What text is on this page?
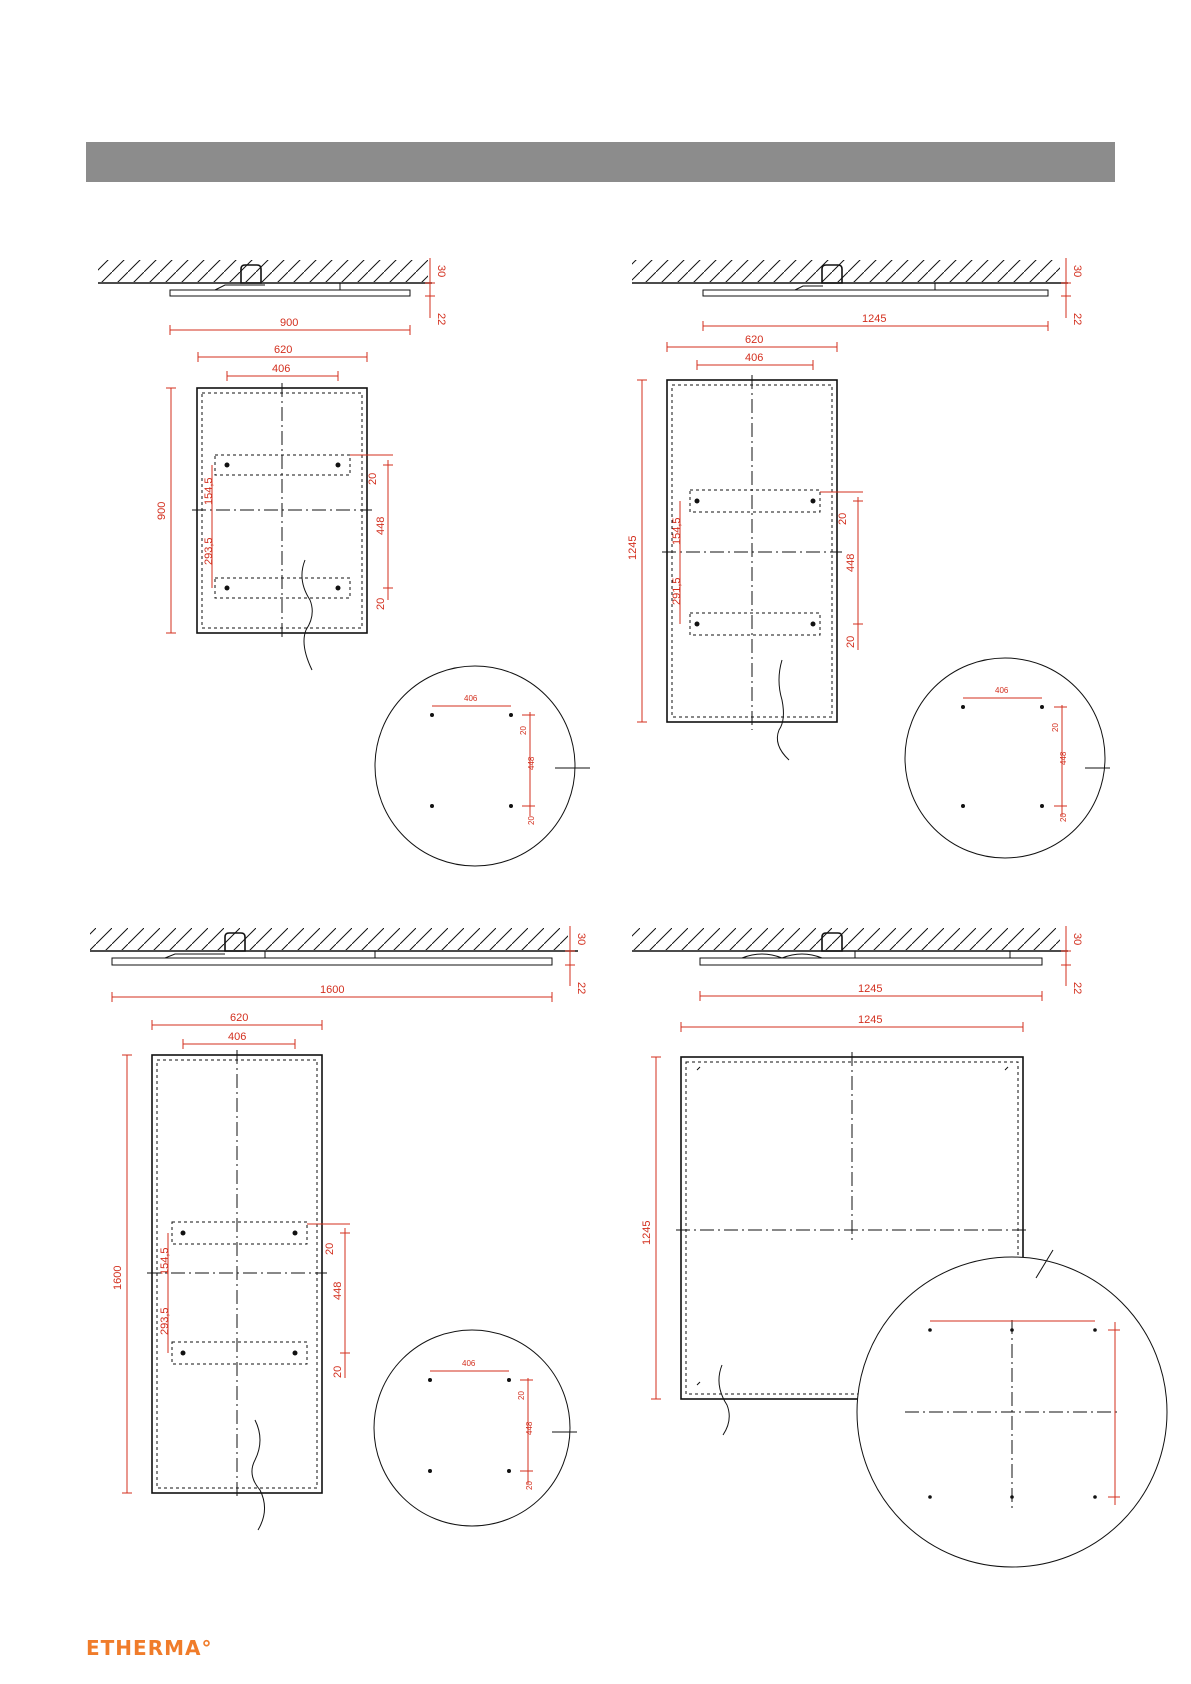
30
22
900
620
406
900
154,5
293,5
448
20
20
406
448
20
20
30
22
1245
620
406
1245
154,5
291,5
448
20
20
406
448
20
20
30
22
1600
620
406
1600
154,5
293,5
448
20
20
406
448
20
20
30
22
1245
1245
1245
ETHERMA°
